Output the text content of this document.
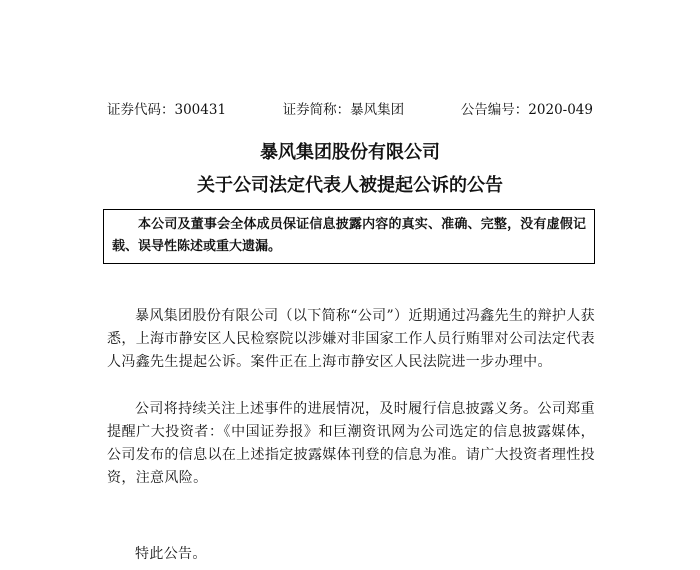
证券代码：300431	证券简称：暴风集团	公告编号：2020-049
暴风集团股份有限公司
关于公司法定代表人被提起公诉的公告
本公司及董事会全体成员保证信息披露内容的真实、准确、完整，没有虚假记载、误导性陈述或重大遗漏。

暴风集团股份有限公司（以下简称“公司”）近期通过冯鑫先生的辩护人获悉，上海市静安区人民检察院以涉嫌对非国家工作人员行贿罪对公司法定代表人冯鑫先生提起公诉。案件正在上海市静安区人民法院进一步办理中。

公司将持续关注上述事件的进展情况，及时履行信息披露义务。公司郑重提醒广大投资者：《中国证券报》和巨潮资讯网为公司选定的信息披露媒体，公司发布的信息以在上述指定披露媒体刊登的信息为准。请广大投资者理性投资，注意风险。

特此公告。
